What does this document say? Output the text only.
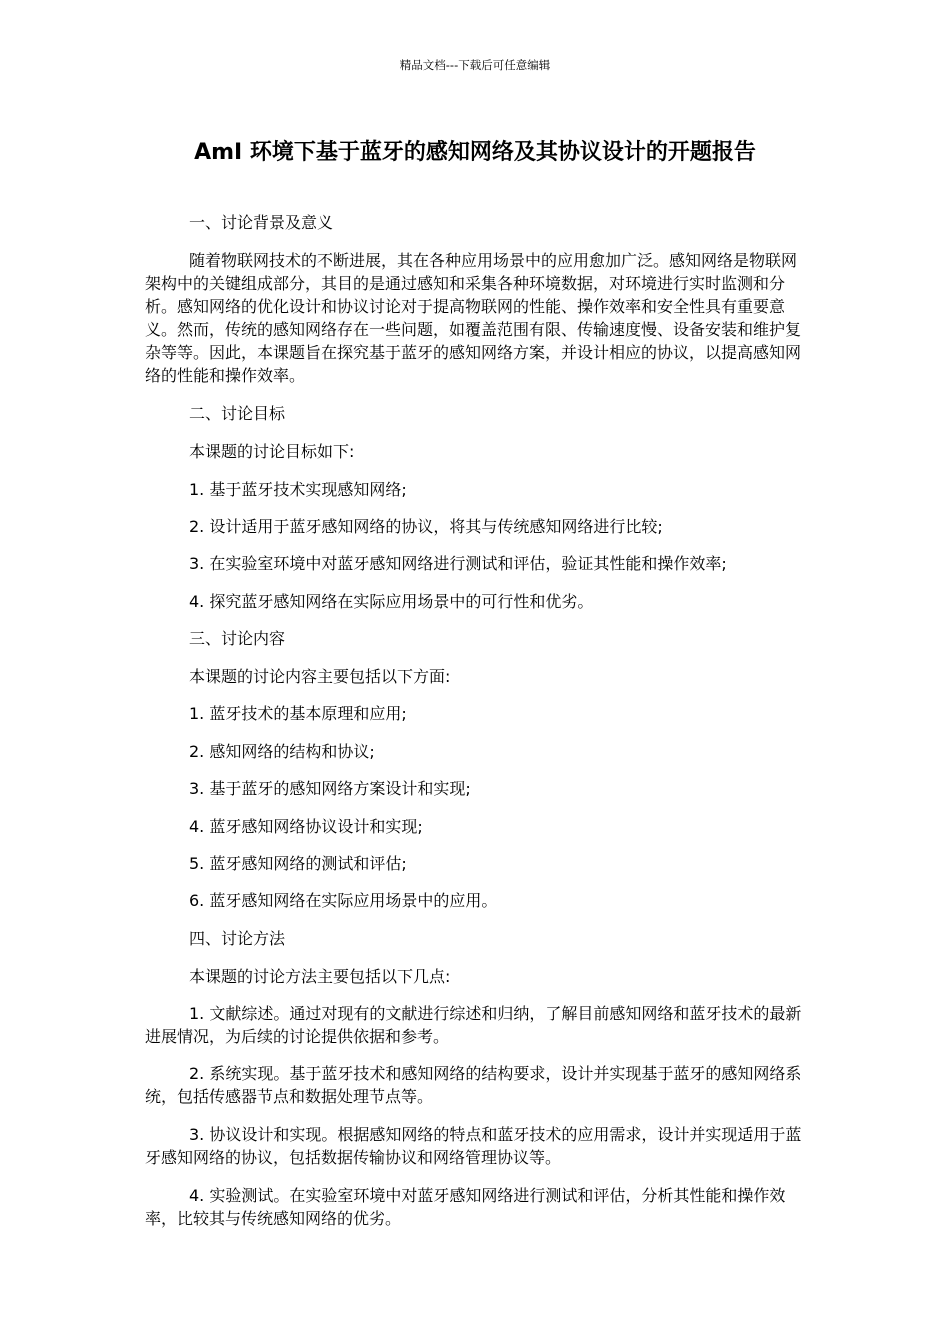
精品文档---下载后可任意编辑
AmI 环境下基于蓝牙的感知网络及其协议设计的开题报告
一、讨论背景及意义

随着物联网技术的不断进展，其在各种应用场景中的应用愈加广泛。感知网络是物联网架构中的关键组成部分，其目的是通过感知和采集各种环境数据，对环境进行实时监测和分析。感知网络的优化设计和协议讨论对于提高物联网的性能、操作效率和安全性具有重要意义。然而，传统的感知网络存在一些问题，如覆盖范围有限、传输速度慢、设备安装和维护复杂等等。因此，本课题旨在探究基于蓝牙的感知网络方案，并设计相应的协议，以提高感知网络的性能和操作效率。

二、讨论目标
本课题的讨论目标如下:
1. 基于蓝牙技术实现感知网络;
2. 设计适用于蓝牙感知网络的协议，将其与传统感知网络进行比较;
3. 在实验室环境中对蓝牙感知网络进行测试和评估，验证其性能和操作效率;
4. 探究蓝牙感知网络在实际应用场景中的可行性和优劣。
三、讨论内容
本课题的讨论内容主要包括以下方面:
1. 蓝牙技术的基本原理和应用;
2. 感知网络的结构和协议;
3. 基于蓝牙的感知网络方案设计和实现;
4. 蓝牙感知网络协议设计和实现;
5. 蓝牙感知网络的测试和评估;
6. 蓝牙感知网络在实际应用场景中的应用。
四、讨论方法
本课题的讨论方法主要包括以下几点:

1. 文献综述。通过对现有的文献进行综述和归纳，了解目前感知网络和蓝牙技术的最新进展情况，为后续的讨论提供依据和参考。

2. 系统实现。基于蓝牙技术和感知网络的结构要求，设计并实现基于蓝牙的感知网络系统，包括传感器节点和数据处理节点等。

3. 协议设计和实现。根据感知网络的特点和蓝牙技术的应用需求，设计并实现适用于蓝牙感知网络的协议，包括数据传输协议和网络管理协议等。

4. 实验测试。在实验室环境中对蓝牙感知网络进行测试和评估，分析其性能和操作效率，比较其与传统感知网络的优劣。
